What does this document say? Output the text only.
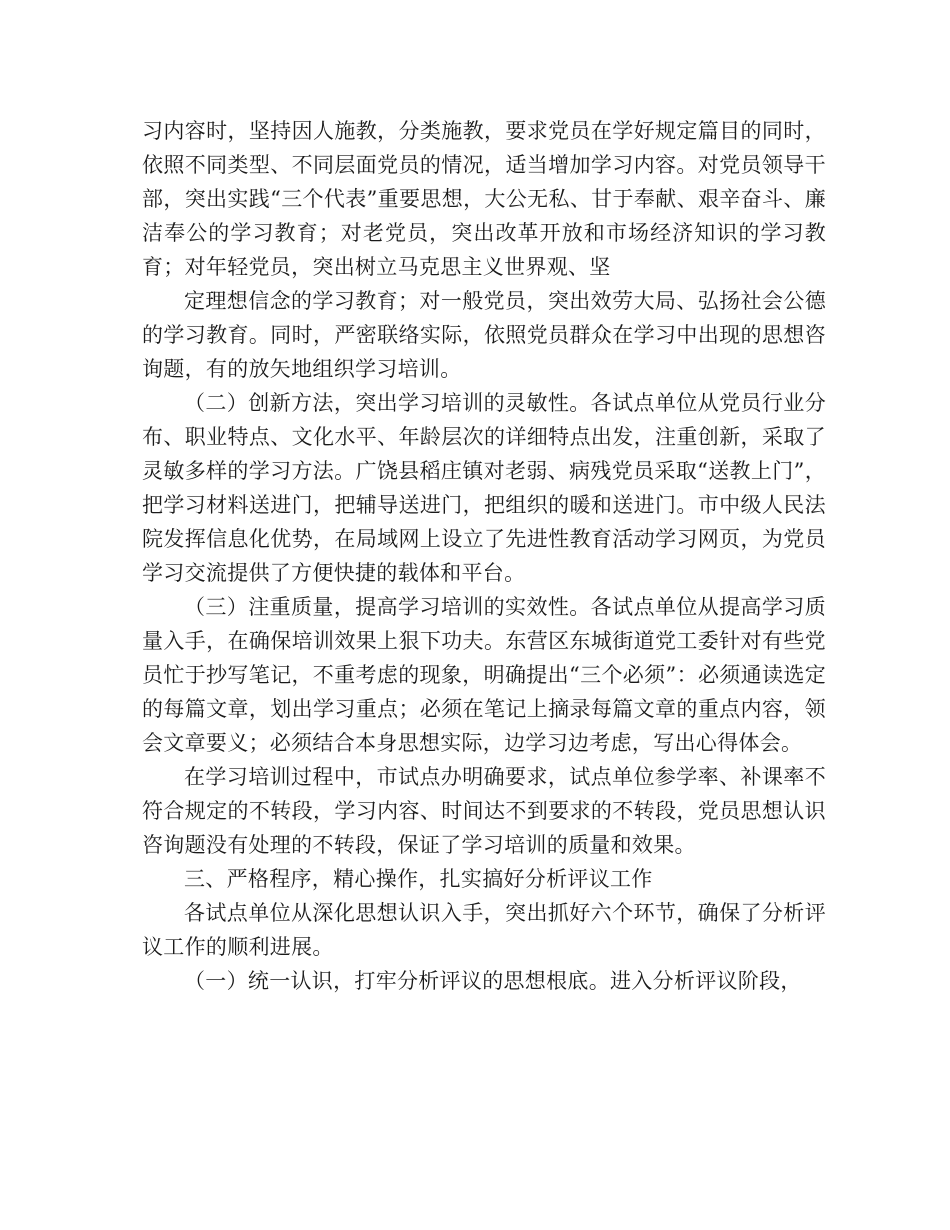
习内容时，坚持因人施教，分类施教，要求党员在学好规定篇目的同时，依照不同类型、不同层面党员的情况，适当增加学习内容。对党员领导干部，突出实践“三个代表”重要思想，大公无私、甘于奉献、艰辛奋斗、廉洁奉公的学习教育；对老党员，突出改革开放和市场经济知识的学习教育；对年轻党员，突出树立马克思主义世界观、坚

定理想信念的学习教育；对一般党员，突出效劳大局、弘扬社会公德的学习教育。同时，严密联络实际，依照党员群众在学习中出现的思想咨询题，有的放矢地组织学习培训。

（二）创新方法，突出学习培训的灵敏性。各试点单位从党员行业分布、职业特点、文化水平、年龄层次的详细特点出发，注重创新，采取了灵敏多样的学习方法。广饶县稻庄镇对老弱、病残党员采取“送教上门”，把学习材料送进门，把辅导送进门，把组织的暖和送进门。市中级人民法院发挥信息化优势，在局域网上设立了先进性教育活动学习网页，为党员学习交流提供了方便快捷的载体和平台。

（三）注重质量，提高学习培训的实效性。各试点单位从提高学习质量入手，在确保培训效果上狠下功夫。东营区东城街道党工委针对有些党员忙于抄写笔记，不重考虑的现象，明确提出“三个必须”：必须通读选定的每篇文章，划出学习重点；必须在笔记上摘录每篇文章的重点内容，领会文章要义；必须结合本身思想实际，边学习边考虑，写出心得体会。

在学习培训过程中，市试点办明确要求，试点单位参学率、补课率不符合规定的不转段，学习内容、时间达不到要求的不转段，党员思想认识咨询题没有处理的不转段，保证了学习培训的质量和效果。

三、严格程序，精心操作，扎实搞好分析评议工作

各试点单位从深化思想认识入手，突出抓好六个环节，确保了分析评议工作的顺利进展。

（一）统一认识，打牢分析评议的思想根底。进入分析评议阶段，
